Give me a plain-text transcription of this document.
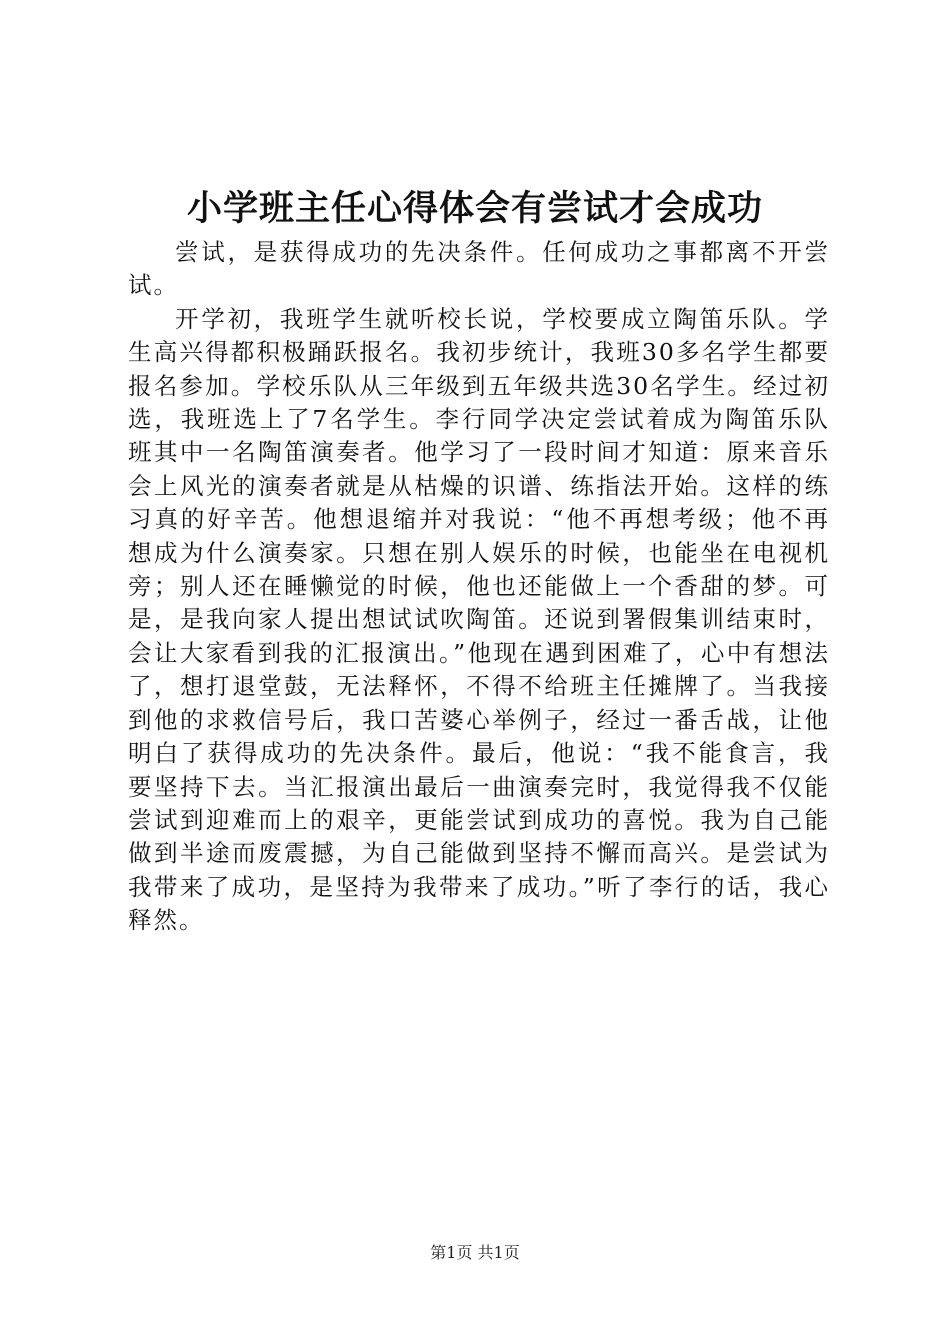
小学班主任心得体会有尝试才会成功

尝试，是获得成功的先决条件。任何成功之事都离不开尝试。

开学初，我班学生就听校长说，学校要成立陶笛乐队。学生高兴得都积极踊跃报名。我初步统计，我班30多名学生都要报名参加。学校乐队从三年级到五年级共选30名学生。经过初选，我班选上了7名学生。李行同学决定尝试着成为陶笛乐队班其中一名陶笛演奏者。他学习了一段时间才知道：原来音乐会上风光的演奏者就是从枯燥的识谱、练指法开始。这样的练习真的好辛苦。他想退缩并对我说：“他不再想考级；他不再想成为什么演奏家。只想在别人娱乐的时候，也能坐在电视机旁；别人还在睡懒觉的时候，他也还能做上一个香甜的梦。可是，是我向家人提出想试试吹陶笛。还说到署假集训结束时，会让大家看到我的汇报演出。”他现在遇到困难了，心中有想法了，想打退堂鼓，无法释怀，不得不给班主任摊牌了。当我接到他的求救信号后，我口苦婆心举例子，经过一番舌战，让他明白了获得成功的先决条件。最后，他说：“我不能食言，我要坚持下去。当汇报演出最后一曲演奏完时，我觉得我不仅能尝试到迎难而上的艰辛，更能尝试到成功的喜悦。我为自己能做到半途而废震撼，为自己能做到坚持不懈而高兴。是尝试为我带来了成功，是坚持为我带来了成功。”听了李行的话，我心释然。

第1页 共1页
